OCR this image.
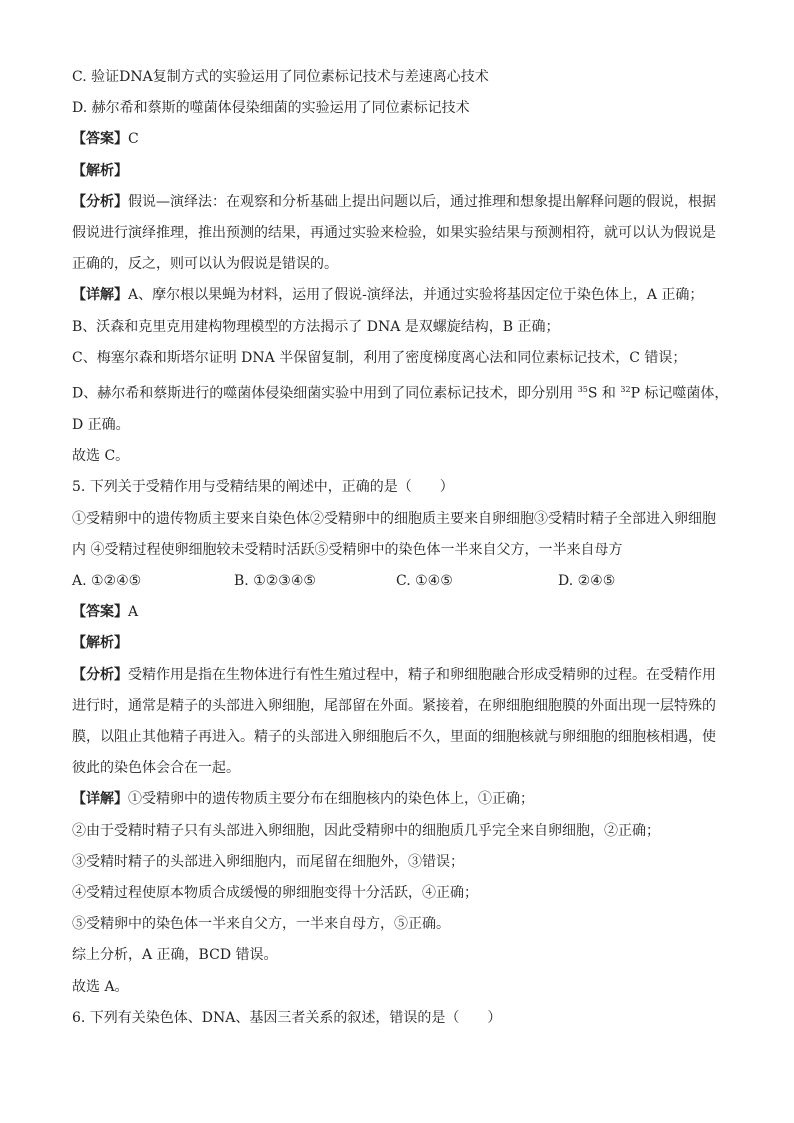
C. 验证DNA复制方式的实验运用了同位素标记技术与差速离心技术
D. 赫尔希和蔡斯的噬菌体侵染细菌的实验运用了同位素标记技术
【答案】C
【解析】
【分析】假说—演绎法：在观察和分析基础上提出问题以后，通过推理和想象提出解释问题的假说，根据
假说进行演绎推理，推出预测的结果，再通过实验来检验，如果实验结果与预测相符，就可以认为假说是
正确的，反之，则可以认为假说是错误的。
【详解】A、摩尔根以果蝇为材料，运用了假说-演绎法，并通过实验将基因定位于染色体上，A 正确；
B、沃森和克里克用建构物理模型的方法揭示了 DNA 是双螺旋结构，B 正确；
C、梅塞尔森和斯塔尔证明 DNA 半保留复制，利用了密度梯度离心法和同位素标记技术，C 错误；
D、赫尔希和蔡斯进行的噬菌体侵染细菌实验中用到了同位素标记技术，即分别用 $^{35}$S 和 $^{32}$P 标记噬菌体，
D 正确。
故选 C。
5. 下列关于受精作用与受精结果的阐述中，正确的是（　　）
①受精卵中的遗传物质主要来自染色体②受精卵中的细胞质主要来自卵细胞③受精时精子全部进入卵细胞
内 ④受精过程使卵细胞较未受精时活跃⑤受精卵中的染色体一半来自父方，一半来自母方
A. ①②④⑤	B. ①②③④⑤	C. ①④⑤	D. ②④⑤
【答案】A
【解析】
【分析】受精作用是指在生物体进行有性生殖过程中，精子和卵细胞融合形成受精卵的过程。在受精作用
进行时，通常是精子的头部进入卵细胞，尾部留在外面。紧接着，在卵细胞细胞膜的外面出现一层特殊的
膜，以阻止其他精子再进入。精子的头部进入卵细胞后不久，里面的细胞核就与卵细胞的细胞核相遇，使
彼此的染色体会合在一起。
【详解】①受精卵中的遗传物质主要分布在细胞核内的染色体上，①正确；
②由于受精时精子只有头部进入卵细胞，因此受精卵中的细胞质几乎完全来自卵细胞，②正确；
③受精时精子的头部进入卵细胞内，而尾留在细胞外，③错误；
④受精过程使原本物质合成缓慢的卵细胞变得十分活跃，④正确；
⑤受精卵中的染色体一半来自父方，一半来自母方，⑤正确。
综上分析，A 正确，BCD 错误。
故选 A。
6. 下列有关染色体、DNA、基因三者关系的叙述，错误的是（　　）
